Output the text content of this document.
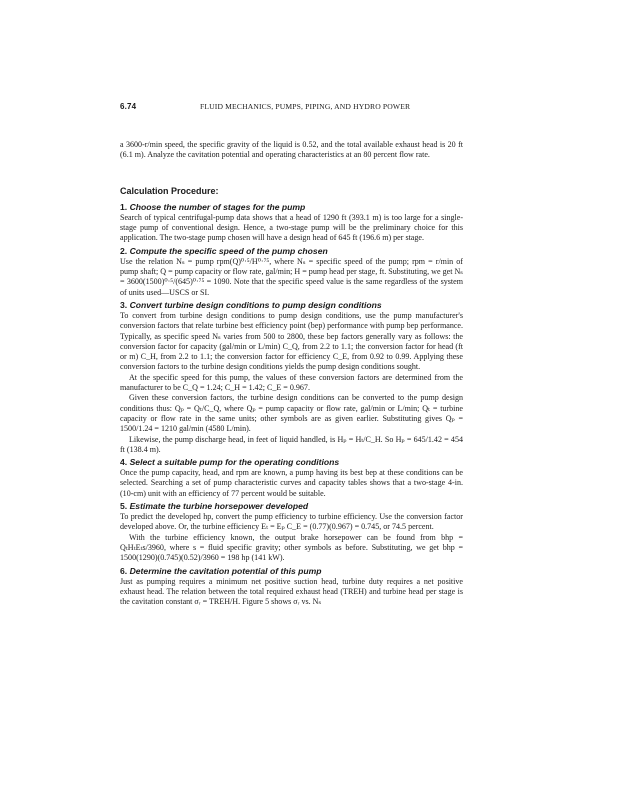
6.74	FLUID MECHANICS, PUMPS, PIPING, AND HYDRO POWER

a 3600-r/min speed, the specific gravity of the liquid is 0.52, and the total available exhaust head is 20 ft (6.1 m). Analyze the cavitation potential and operating characteristics at an 80 percent flow rate.

Calculation Procedure:
1. Choose the number of stages for the pump

Search of typical centrifugal-pump data shows that a head of 1290 ft (393.1 m) is too large for a single-stage pump of conventional design. Hence, a two-stage pump will be the preliminary choice for this application. The two-stage pump chosen will have a design head of 645 ft (196.6 m) per stage.

2. Compute the specific speed of the pump chosen

Use the relation Nₛ = pump rpm(Q)⁰·⁵/H⁰·⁷⁵, where Nₛ = specific speed of the pump; rpm = r/min of pump shaft; Q = pump capacity or flow rate, gal/min; H = pump head per stage, ft. Substituting, we get Nₛ = 3600(1500)⁰·⁵/(645)⁰·⁷⁵ = 1090. Note that the specific speed value is the same regardless of the system of units used—USCS or SI.

3. Convert turbine design conditions to pump design conditions

To convert from turbine design conditions to pump design conditions, use the pump manufacturer's conversion factors that relate turbine best efficiency point (bep) performance with pump bep performance. Typically, as specific speed Nₛ varies from 500 to 2800, these bep factors generally vary as follows: the conversion factor for capacity (gal/min or L/min) C_Q, from 2.2 to 1.1; the conversion factor for head (ft or m) C_H, from 2.2 to 1.1; the conversion factor for efficiency C_E, from 0.92 to 0.99. Applying these conversion factors to the turbine design conditions yields the pump design conditions sought.

At the specific speed for this pump, the values of these conversion factors are determined from the manufacturer to be C_Q = 1.24; C_H = 1.42; C_E = 0.967.

Given these conversion factors, the turbine design conditions can be converted to the pump design conditions thus: Qₚ = Qₜ/C_Q, where Qₚ = pump capacity or flow rate, gal/min or L/min; Qₜ = turbine capacity or flow rate in the same units; other symbols are as given earlier. Substituting gives Qₚ = 1500/1.24 = 1210 gal/min (4580 L/min).

Likewise, the pump discharge head, in feet of liquid handled, is Hₚ = Hₜ/C_H. So Hₚ = 645/1.42 = 454 ft (138.4 m).

4. Select a suitable pump for the operating conditions

Once the pump capacity, head, and rpm are known, a pump having its best bep at these conditions can be selected. Searching a set of pump characteristic curves and capacity tables shows that a two-stage 4-in. (10-cm) unit with an efficiency of 77 percent would be suitable.

5. Estimate the turbine horsepower developed

To predict the developed hp, convert the pump efficiency to turbine efficiency. Use the conversion factor developed above. Or, the turbine efficiency Eₜ = Eₚ C_E = (0.77)(0.967) = 0.745, or 74.5 percent.

With the turbine efficiency known, the output brake horsepower can be found from bhp = QₜHₜEₜs/3960, where s = fluid specific gravity; other symbols as before. Substituting, we get bhp = 1500(1290)(0.745)(0.52)/3960 = 198 hp (141 kW).

6. Determine the cavitation potential of this pump

Just as pumping requires a minimum net positive suction head, turbine duty requires a net positive exhaust head. The relation between the total required exhaust head (TREH) and turbine head per stage is the cavitation constant σᵣ = TREH/H. Figure 5 shows σᵣ vs. Nₛ
